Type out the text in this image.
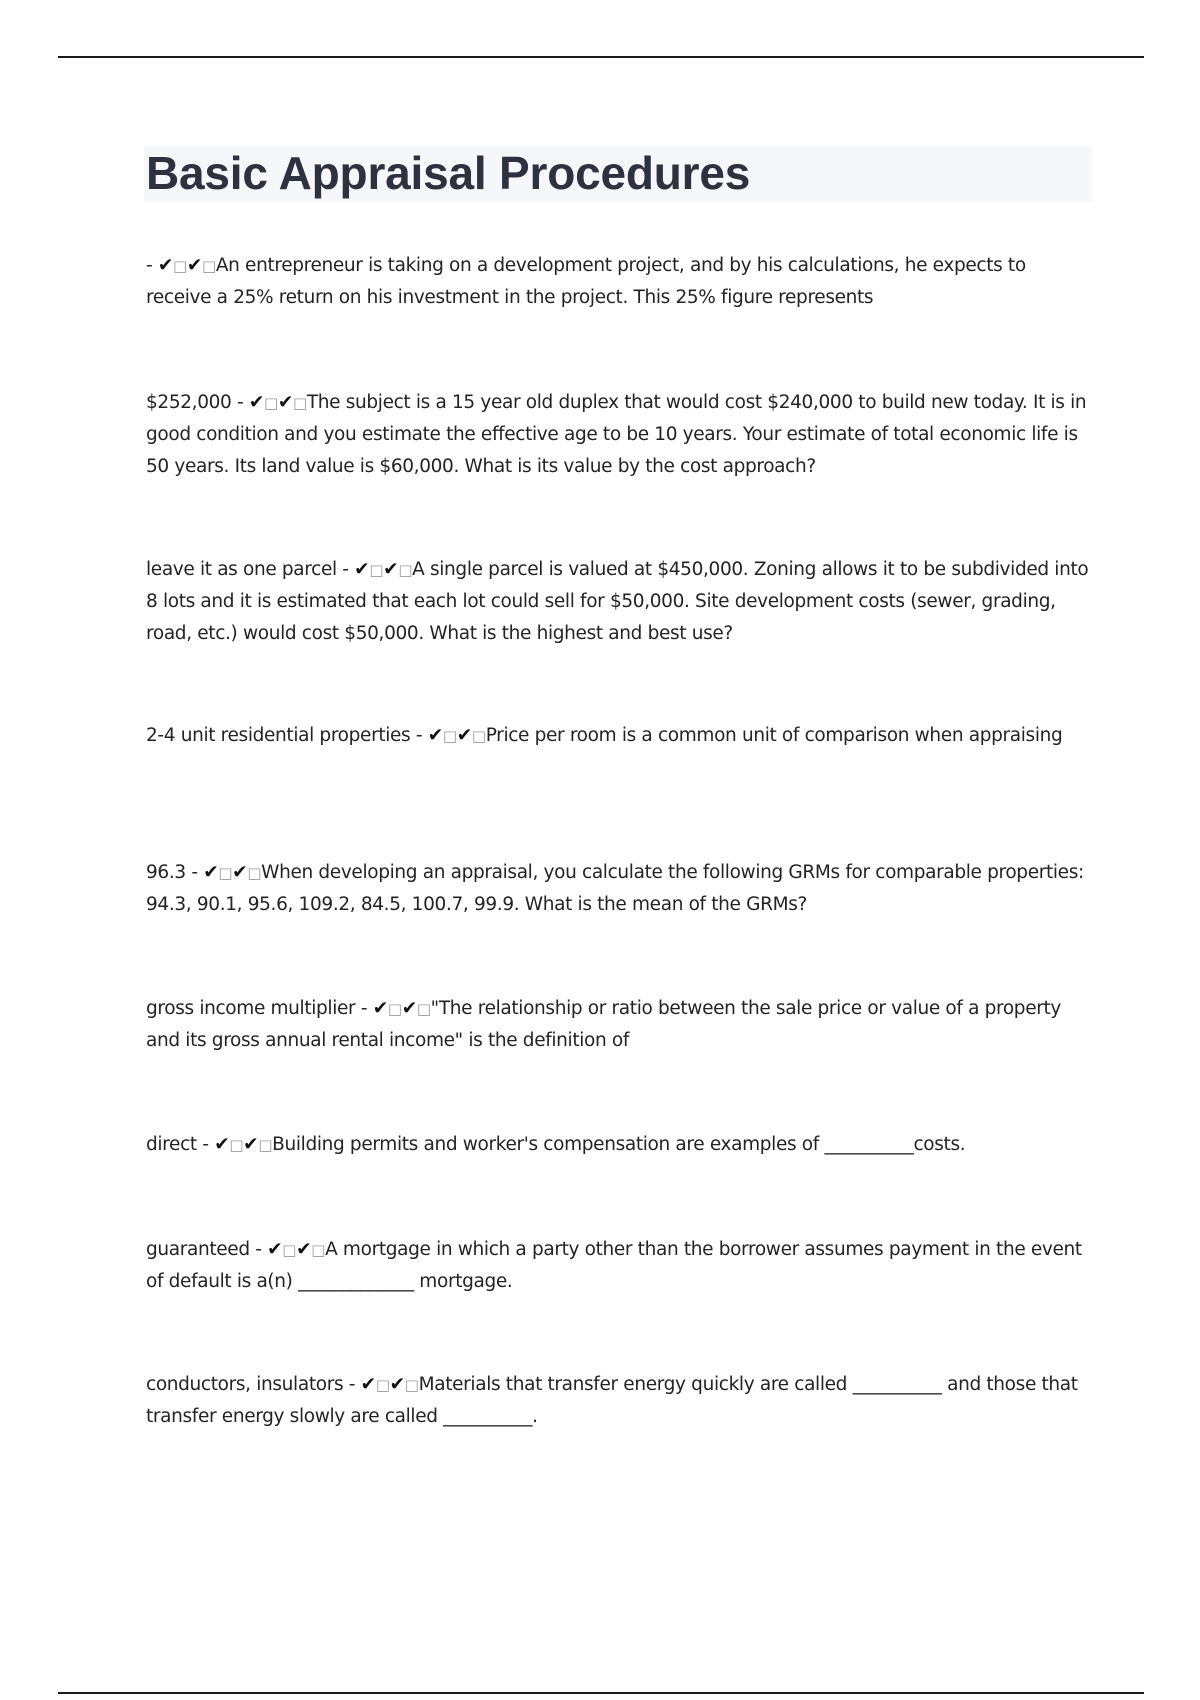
Basic Appraisal Procedures
- ✔□✔□An entrepreneur is taking on a development project, and by his calculations, he expects to receive a 25% return on his investment in the project. This 25% figure represents
$252,000 - ✔□✔□The subject is a 15 year old duplex that would cost $240,000 to build new today. It is in good condition and you estimate the effective age to be 10 years. Your estimate of total economic life is 50 years. Its land value is $60,000. What is its value by the cost approach?
leave it as one parcel - ✔□✔□A single parcel is valued at $450,000. Zoning allows it to be subdivided into 8 lots and it is estimated that each lot could sell for $50,000. Site development costs (sewer, grading, road, etc.) would cost $50,000. What is the highest and best use?
2-4 unit residential properties - ✔□✔□Price per room is a common unit of comparison when appraising
96.3 - ✔□✔□When developing an appraisal, you calculate the following GRMs for comparable properties: 94.3, 90.1, 95.6, 109.2, 84.5, 100.7, 99.9. What is the mean of the GRMs?
gross income multiplier - ✔□✔□"The relationship or ratio between the sale price or value of a property and its gross annual rental income" is the definition of
direct - ✔□✔□Building permits and worker's compensation are examples of __________costs.
guaranteed - ✔□✔□A mortgage in which a party other than the borrower assumes payment in the event of default is a(n) _____________ mortgage.
conductors, insulators - ✔□✔□Materials that transfer energy quickly are called __________ and those that transfer energy slowly are called __________.
